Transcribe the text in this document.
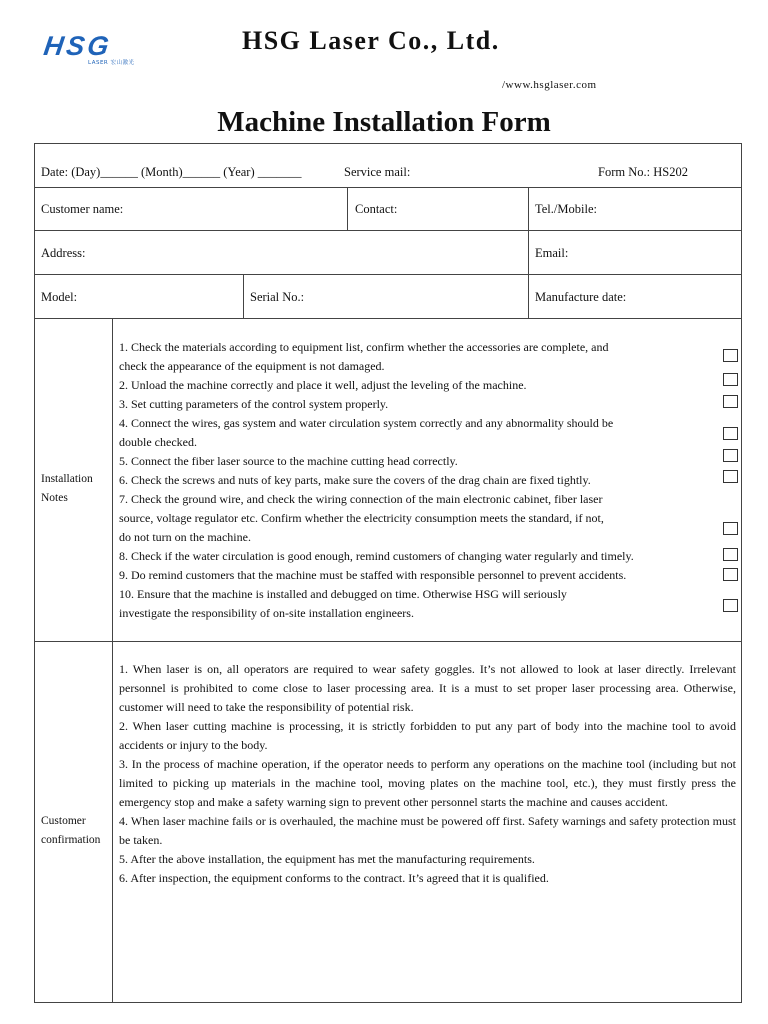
HSG
LASER 宏山激光
HSG Laser Co., Ltd.
/www.hsglaser.com
Machine Installation Form
Date: (Day)______ (Month)______ (Year) _______	Service mail:	Form No.: HS202
Customer name:	Contact:	Tel./Mobile:
Address:	Email:
Model:	Serial No.:	Manufacture date:
Installation
Notes
1. Check the materials according to equipment list, confirm whether the accessories are complete, and
check the appearance of the equipment is not damaged.
2. Unload the machine correctly and place it well, adjust the leveling of the machine.
3. Set cutting parameters of the control system properly.
4. Connect the wires, gas system and water circulation system correctly and any abnormality should be
double checked.
5. Connect the fiber laser source to the machine cutting head correctly.
6. Check the screws and nuts of key parts, make sure the covers of the drag chain are fixed tightly.
7. Check the ground wire, and check the wiring connection of the main electronic cabinet, fiber laser
source, voltage regulator etc. Confirm whether the electricity consumption meets the standard, if not,
do not turn on the machine.
8. Check if the water circulation is good enough, remind customers of changing water regularly and timely.
9. Do remind customers that the machine must be staffed with responsible personnel to prevent accidents.
10. Ensure that the machine is installed and debugged on time. Otherwise HSG will seriously
investigate the responsibility of on-site installation engineers.
Customer
confirmation

1. When laser is on, all operators are required to wear safety goggles. It’s not allowed to look at laser directly. Irrelevant personnel is prohibited to come close to laser processing area. It is a must to set proper laser processing area. Otherwise, customer will need to take the responsibility of potential risk.

2. When laser cutting machine is processing, it is strictly forbidden to put any part of body into the machine tool to avoid accidents or injury to the body.

3. In the process of machine operation, if the operator needs to perform any operations on the machine tool (including but not limited to picking up materials in the machine tool, moving plates on the machine tool, etc.), they must firstly press the emergency stop and make a safety warning sign to prevent other personnel starts the machine and causes accident.

4. When laser machine fails or is overhauled, the machine must be powered off first. Safety warnings and safety protection must be taken.

5. After the above installation, the equipment has met the manufacturing requirements.

6. After inspection, the equipment conforms to the contract. It’s agreed that it is qualified.
